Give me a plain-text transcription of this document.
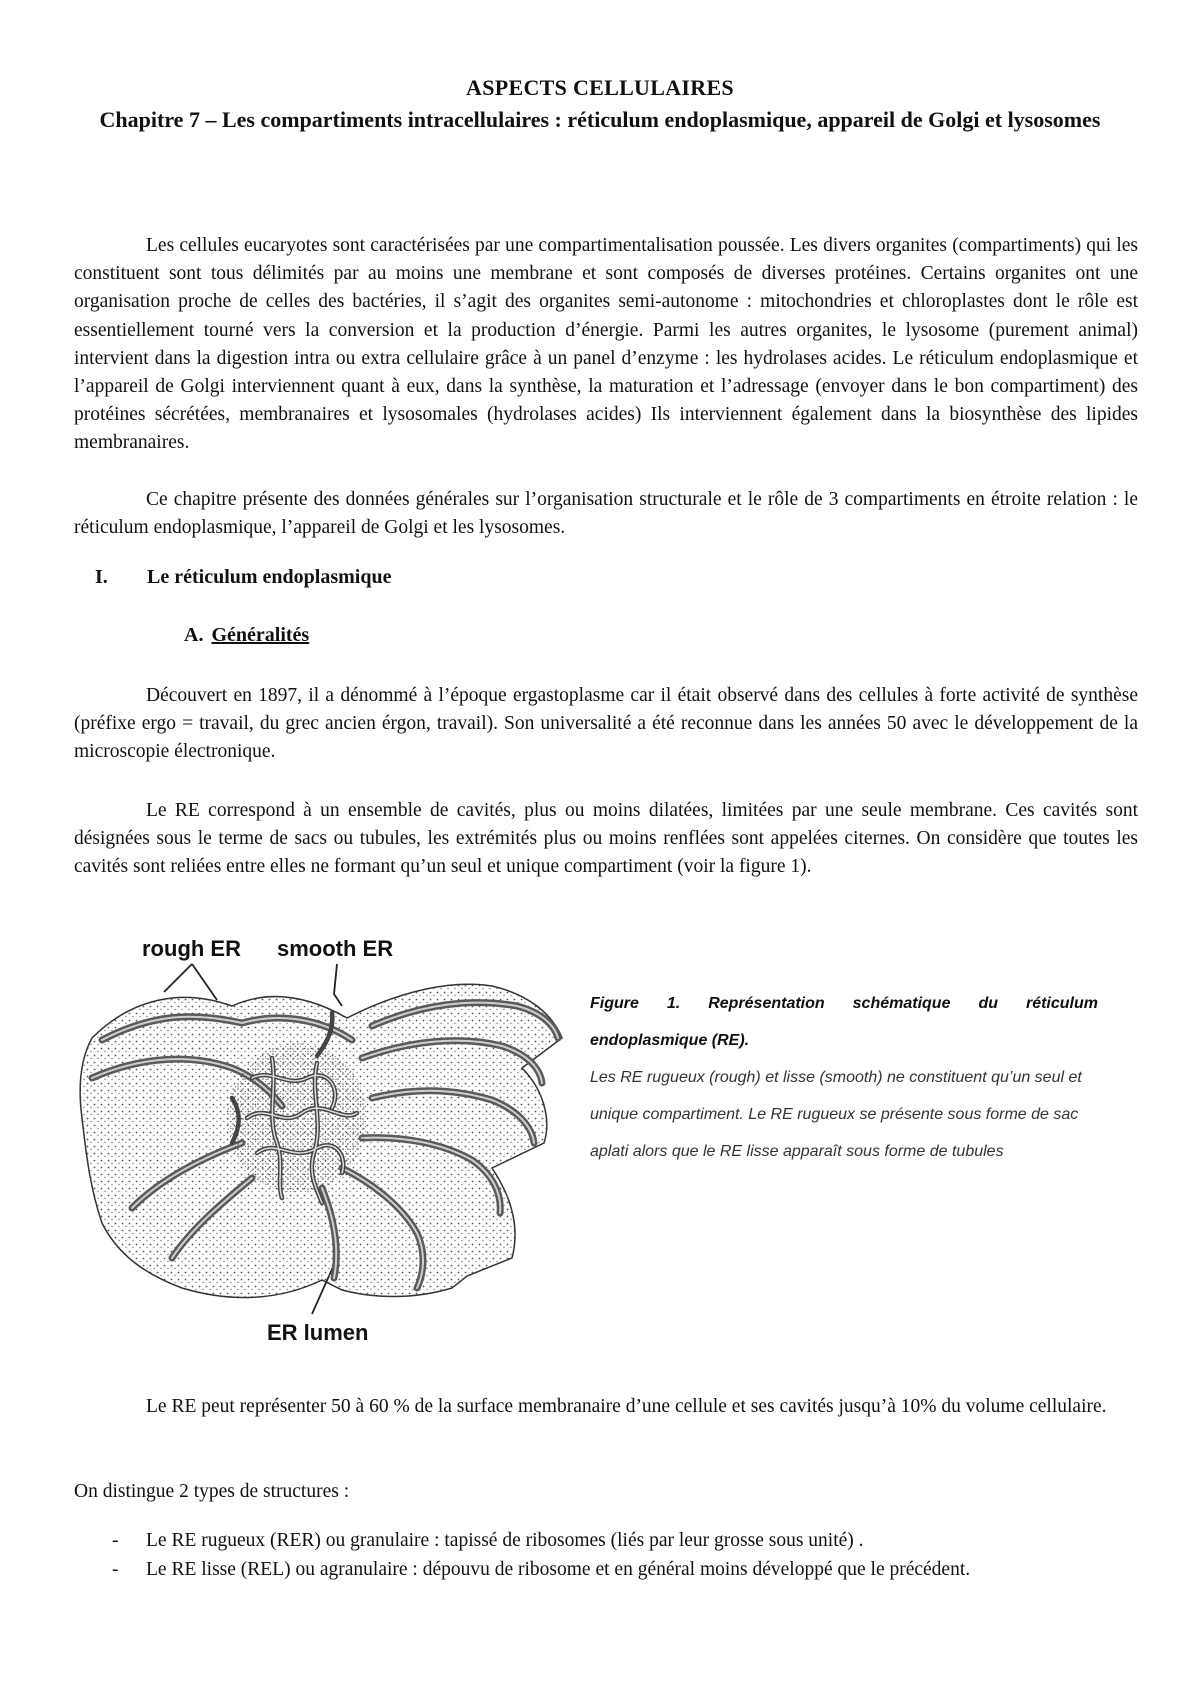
ASPECTS CELLULAIRES
Chapitre 7 – Les compartiments intracellulaires : réticulum endoplasmique, appareil de Golgi et lysosomes

Les cellules eucaryotes sont caractérisées par une compartimentalisation poussée. Les divers organites (compartiments) qui les constituent sont tous délimités par au moins une membrane et sont composés de diverses protéines. Certains organites ont une organisation proche de celles des bactéries, il s’agit des organites semi-autonome : mitochondries et chloroplastes dont le rôle est essentiellement tourné vers la conversion et la production d’énergie. Parmi les autres organites, le lysosome (purement animal) intervient dans la digestion intra ou extra cellulaire grâce à un panel d’enzyme : les hydrolases acides. Le réticulum endoplasmique et l’appareil de Golgi interviennent quant à eux, dans la synthèse, la maturation et l’adressage (envoyer dans le bon compartiment) des protéines sécrétées, membranaires et lysosomales (hydrolases acides) Ils interviennent également dans la biosynthèse des lipides membranaires.

Ce chapitre présente des données générales sur l’organisation structurale et le rôle de 3 compartiments en étroite relation : le réticulum endoplasmique, l’appareil de Golgi et les lysosomes.

I. Le réticulum endoplasmique
A. Généralités

Découvert en 1897, il a dénommé à l’époque ergastoplasme car il était observé dans des cellules à forte activité de synthèse (préfixe ergo = travail, du grec ancien érgon, travail). Son universalité a été reconnue dans les années 50 avec le développement de la microscopie électronique.

Le RE correspond à un ensemble de cavités, plus ou moins dilatées, limitées par une seule membrane. Ces cavités sont désignées sous le terme de sacs ou tubules, les extrémités plus ou moins renflées sont appelées citernes. On considère que toutes les cavités sont reliées entre elles ne formant qu’un seul et unique compartiment (voir la figure 1).

rough ER smooth ER
ER lumen
Figure 1. Représentation schématique du réticulum endoplasmique (RE).
Les RE rugueux (rough) et lisse (smooth) ne constituent qu’un seul et unique compartiment. Le RE rugueux se présente sous forme de sac aplati alors que le RE lisse apparaît sous forme de tubules

Le RE peut représenter 50 à 60 % de la surface membranaire d’une cellule et ses cavités jusqu’à 10% du volume cellulaire.

On distingue 2 types de structures :

- Le RE rugueux (RER) ou granulaire : tapissé de ribosomes (liés par leur grosse sous unité) .
- Le RE lisse (REL) ou agranulaire : dépouvu de ribosome et en général moins développé que le précédent.
